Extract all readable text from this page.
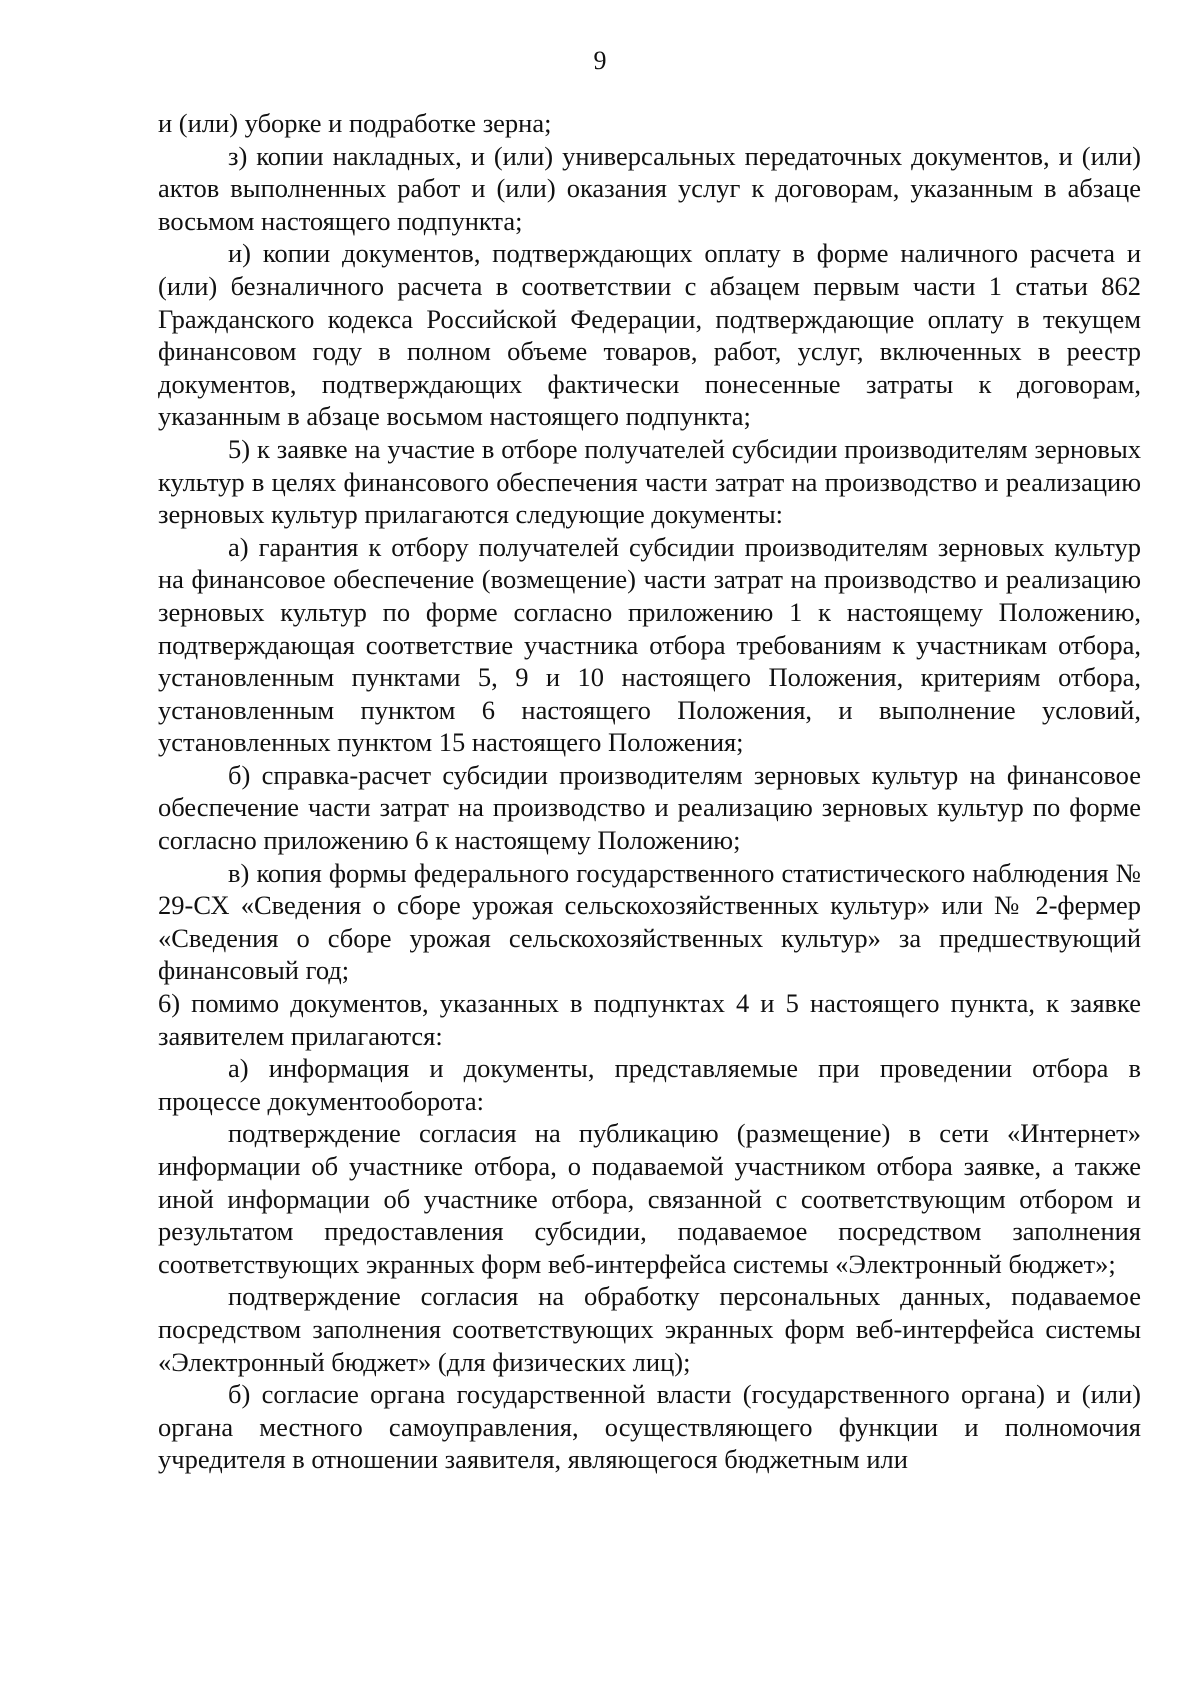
9

и (или) уборке и подработке зерна;

з) копии накладных, и (или) универсальных передаточных документов, и (или) актов выполненных работ и (или) оказания услуг к договорам, указанным в абзаце восьмом настоящего подпункта;

и) копии документов, подтверждающих оплату в форме наличного расчета и (или) безналичного расчета в соответствии с абзацем первым части 1 статьи 862 Гражданского кодекса Российской Федерации, подтверждающие оплату в текущем финансовом году в полном объеме товаров, работ, услуг, включенных в реестр документов, подтверждающих фактически понесенные затраты к договорам, указанным в абзаце восьмом настоящего подпункта;

5) к заявке на участие в отборе получателей субсидии производителям зерновых культур в целях финансового обеспечения части затрат на производство и реализацию зерновых культур прилагаются следующие документы:

а) гарантия к отбору получателей субсидии производителям зерновых культур на финансовое обеспечение (возмещение) части затрат на производство и реализацию зерновых культур по форме согласно приложению 1 к настоящему Положению, подтверждающая соответствие участника отбора требованиям к участникам отбора, установленным пунктами 5, 9 и 10 настоящего Положения, критериям отбора, установленным пунктом 6 настоящего Положения, и выполнение условий, установленных пунктом 15 настоящего Положения;

б) справка-расчет субсидии производителям зерновых культур на финансовое обеспечение части затрат на производство и реализацию зерновых культур по форме согласно приложению 6 к настоящему Положению;

в) копия формы федерального государственного статистического наблюдения № 29-СХ «Сведения о сборе урожая сельскохозяйственных культур» или № 2-фермер «Сведения о сборе урожая сельскохозяйственных культур» за предшествующий финансовый год;

6) помимо документов, указанных в подпунктах 4 и 5 настоящего пункта, к заявке заявителем прилагаются:

а) информация и документы, представляемые при проведении отбора в процессе документооборота:

подтверждение согласия на публикацию (размещение) в сети «Интернет» информации об участнике отбора, о подаваемой участником отбора заявке, а также иной информации об участнике отбора, связанной с соответствующим отбором и результатом предоставления субсидии, подаваемое посредством заполнения соответствующих экранных форм веб-интерфейса системы «Электронный бюджет»;

подтверждение согласия на обработку персональных данных, подаваемое посредством заполнения соответствующих экранных форм веб-интерфейса системы «Электронный бюджет» (для физических лиц);

б) согласие органа государственной власти (государственного органа) и (или) органа местного самоуправления, осуществляющего функции и полномочия учредителя в отношении заявителя, являющегося бюджетным или
